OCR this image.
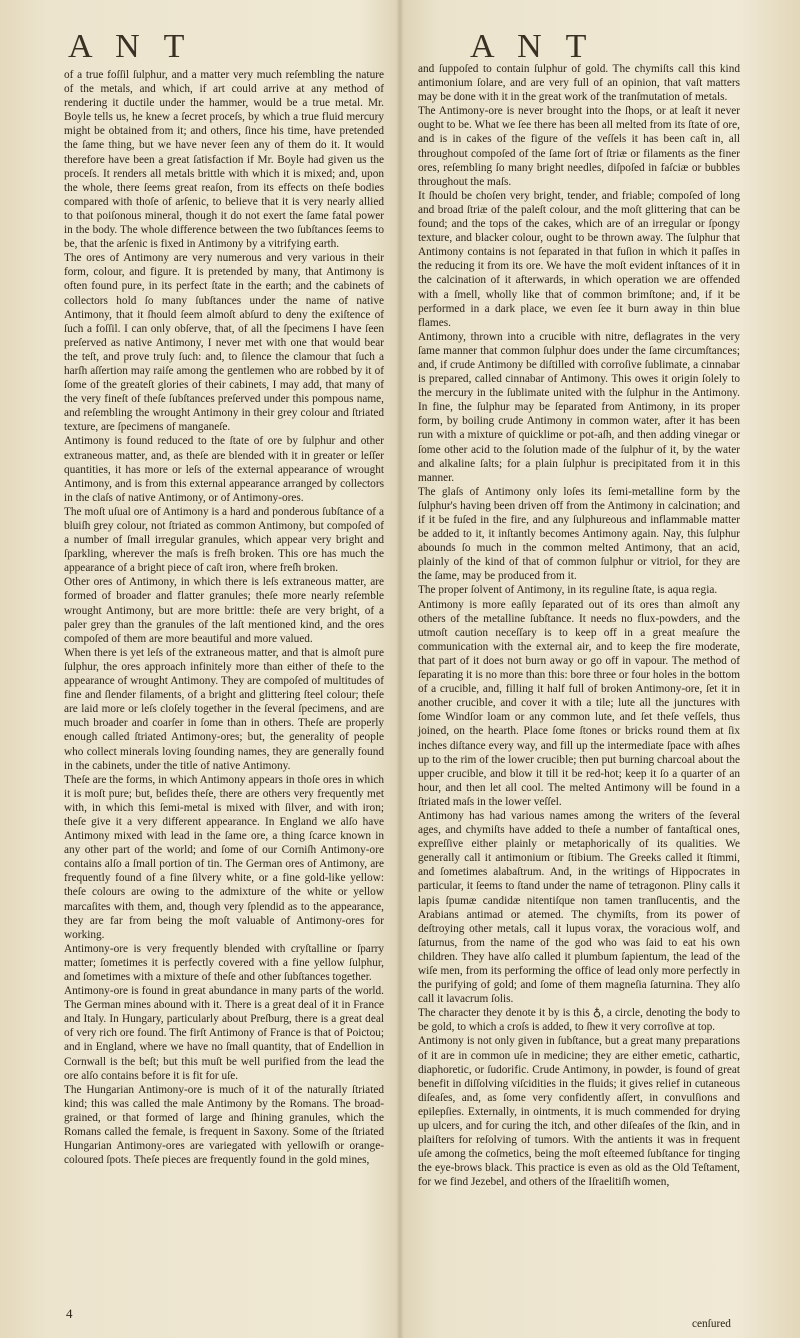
A N T	A N T

of a true foſſil ſulphur, and a matter very much reſembling the nature of the metals, and which, if art could arrive at any method of rendering it ductile under the hammer, would be a true metal. Mr. Boyle tells us, he knew a ſecret proceſs, by which a true fluid mercury might be obtained from it; and others, ſince his time, have pretended the ſame thing, but we have never ſeen any of them do it. It would therefore have been a great ſatisfaction if Mr. Boyle had given us the proceſs. It renders all metals brittle with which it is mixed; and, upon the whole, there ſeems great reaſon, from its effects on theſe bodies compared with thoſe of arſenic, to believe that it is very nearly allied to that poiſonous mineral, though it do not exert the ſame fatal power in the body. The whole difference between the two ſubſtances ſeems to be, that the arſenic is fixed in Antimony by a vitrifying earth.

The ores of Antimony are very numerous and very various in their form, colour, and figure. It is pretended by many, that Antimony is often found pure, in its perfect ſtate in the earth; and the cabinets of collectors hold ſo many ſubſtances under the name of native Antimony, that it ſhould ſeem almoſt abſurd to deny the exiſtence of ſuch a foſſil. I can only obſerve, that, of all the ſpecimens I have ſeen preſerved as native Antimony, I never met with one that would bear the teſt, and prove truly ſuch: and, to ſilence the clamour that ſuch a harſh aſſertion may raiſe among the gentlemen who are robbed by it of ſome of the greateſt glories of their cabinets, I may add, that many of the very fineſt of theſe ſubſtances preſerved under this pompous name, and reſembling the wrought Antimony in their grey colour and ſtriated texture, are ſpecimens of manganeſe.

Antimony is found reduced to the ſtate of ore by ſulphur and other extraneous matter, and, as theſe are blended with it in greater or leſſer quantities, it has more or leſs of the external appearance of wrought Antimony, and is from this external appearance arranged by collectors in the claſs of native Antimony, or of Antimony-ores.

The moſt uſual ore of Antimony is a hard and ponderous ſubſtance of a bluiſh grey colour, not ſtriated as common Antimony, but compoſed of a number of ſmall irregular granules, which appear very bright and ſparkling, wherever the maſs is freſh broken. This ore has much the appearance of a bright piece of caſt iron, where freſh broken.

Other ores of Antimony, in which there is leſs extraneous matter, are formed of broader and flatter granules; theſe more nearly reſemble wrought Antimony, but are more brittle: theſe are very bright, of a paler grey than the granules of the laſt mentioned kind, and the ores compoſed of them are more beautiful and more valued.

When there is yet leſs of the extraneous matter, and that is almoſt pure ſulphur, the ores approach infinitely more than either of theſe to the appearance of wrought Antimony. They are compoſed of multitudes of fine and ſlender filaments, of a bright and glittering ſteel colour; theſe are laid more or leſs cloſely together in the ſeveral ſpecimens, and are much broader and coarſer in ſome than in others. Theſe are properly enough called ſtriated Antimony-ores; but, the generality of people who collect minerals loving ſounding names, they are generally found in the cabinets, under the title of native Antimony.

Theſe are the forms, in which Antimony appears in thoſe ores in which it is moſt pure; but, beſides theſe, there are others very frequently met with, in which this ſemi-metal is mixed with ſilver, and with iron; theſe give it a very different appearance. In England we alſo have Antimony mixed with lead in the ſame ore, a thing ſcarce known in any other part of the world; and ſome of our Corniſh Antimony-ore contains alſo a ſmall portion of tin. The German ores of Antimony, are frequently found of a fine ſilvery white, or a fine gold-like yellow: theſe colours are owing to the admixture of the white or yellow marcaſites with them, and, though very ſplendid as to the appearance, they are far from being the moſt valuable of Antimony-ores for working.

Antimony-ore is very frequently blended with cryſtalline or ſparry matter; ſometimes it is perfectly covered with a fine yellow ſulphur, and ſometimes with a mixture of theſe and other ſubſtances together.

Antimony-ore is found in great abundance in many parts of the world. The German mines abound with it. There is a great deal of it in France and Italy. In Hungary, particularly about Preſburg, there is a great deal of very rich ore found. The firſt Antimony of France is that of Poictou; and in England, where we have no ſmall quantity, that of Endellion in Cornwall is the beſt; but this muſt be well purified from the lead the ore alſo contains before it is fit for uſe.

The Hungarian Antimony-ore is much of it of the naturally ſtriated kind; this was called the male Antimony by the Romans. The broad-grained, or that formed of large and ſhining granules, which the Romans called the female, is frequent in Saxony. Some of the ſtriated Hungarian Antimony-ores are variegated with yellowiſh or orange-coloured ſpots. Theſe pieces are frequently found in the gold mines,

and ſuppoſed to contain ſulphur of gold. The chymiſts call this kind antimonium ſolare, and are very full of an opinion, that vaſt matters may be done with it in the great work of the tranſmutation of metals.

The Antimony-ore is never brought into the ſhops, or at leaſt it never ought to be. What we ſee there has been all melted from its ſtate of ore, and is in cakes of the figure of the veſſels it has been caſt in, all throughout compoſed of the ſame ſort of ſtriæ or filaments as the finer ores, reſembling ſo many bright needles, diſpoſed in faſciæ or bubbles throughout the maſs.

It ſhould be choſen very bright, tender, and friable; compoſed of long and broad ſtriæ of the paleſt colour, and the moſt glittering that can be found; and the tops of the cakes, which are of an irregular or ſpongy texture, and blacker colour, ought to be thrown away. The ſulphur that Antimony contains is not ſeparated in that fuſion in which it paſſes in the reducing it from its ore. We have the moſt evident inſtances of it in the calcination of it afterwards, in which operation we are offended with a ſmell, wholly like that of common brimſtone; and, if it be performed in a dark place, we even ſee it burn away in thin blue flames.

Antimony, thrown into a crucible with nitre, deflagrates in the very ſame manner that common ſulphur does under the ſame circumſtances; and, if crude Antimony be diſtilled with corroſive ſublimate, a cinnabar is prepared, called cinnabar of Antimony. This owes it origin ſolely to the mercury in the ſublimate united with the ſulphur in the Antimony. In fine, the ſulphur may be ſeparated from Antimony, in its proper form, by boiling crude Antimony in common water, after it has been run with a mixture of quicklime or pot-aſh, and then adding vinegar or ſome other acid to the ſolution made of the ſulphur of it, by the water and alkaline ſalts; for a plain ſulphur is precipitated from it in this manner.

The glaſs of Antimony only loſes its ſemi-metalline form by the ſulphur's having been driven off from the Antimony in calcination; and if it be fuſed in the fire, and any ſulphureous and inflammable matter be added to it, it inſtantly becomes Antimony again. Nay, this ſulphur abounds ſo much in the common melted Antimony, that an acid, plainly of the kind of that of common ſulphur or vitriol, for they are the ſame, may be produced from it.

The proper ſolvent of Antimony, in its reguline ſtate, is aqua regia.

Antimony is more eaſily ſeparated out of its ores than almoſt any others of the metalline ſubſtance. It needs no flux-powders, and the utmoſt caution neceſſary is to keep off in a great meaſure the communication with the external air, and to keep the fire moderate, that part of it does not burn away or go off in vapour. The method of ſeparating it is no more than this: bore three or four holes in the bottom of a crucible, and, filling it half full of broken Antimony-ore, ſet it in another crucible, and cover it with a tile; lute all the junctures with ſome Windſor loam or any common lute, and ſet theſe veſſels, thus joined, on the hearth. Place ſome ſtones or bricks round them at ſix inches diſtance every way, and fill up the intermediate ſpace with aſhes up to the rim of the lower crucible; then put burning charcoal about the upper crucible, and blow it till it be red-hot; keep it ſo a quarter of an hour, and then let all cool. The melted Antimony will be found in a ſtriated maſs in the lower veſſel.

Antimony has had various names among the writers of the ſeveral ages, and chymiſts have added to theſe a number of fantaſtical ones, expreſſive either plainly or metaphorically of its qualities. We generally call it antimonium or ſtibium. The Greeks called it ſtimmi, and ſometimes alabaſtrum. And, in the writings of Hippocrates in particular, it ſeems to ſtand under the name of tetragonon. Pliny calls it lapis ſpumæ candidæ nitentiſque non tamen tranſlucentis, and the Arabians antimad or atemed. The chymiſts, from its power of deſtroying other metals, call it lupus vorax, the voracious wolf, and ſaturnus, from the name of the god who was ſaid to eat his own children. They have alſo called it plumbum ſapientum, the lead of the wiſe men, from its performing the office of lead only more perfectly in the purifying of gold; and ſome of them magneſia ſaturnina. They alſo call it lavacrum ſolis.

The character they denote it by is this ♁, a circle, denoting the body to be gold, to which a croſs is added, to ſhew it very corroſive at top.

Antimony is not only given in ſubſtance, but a great many preparations of it are in common uſe in medicine; they are either emetic, cathartic, diaphoretic, or ſudorific. Crude Antimony, in powder, is found of great benefit in diſſolving viſcidities in the fluids; it gives relief in cutaneous diſeaſes, and, as ſome very confidently aſſert, in convulſions and epilepſies. Externally, in ointments, it is much commended for drying up ulcers, and for curing the itch, and other diſeaſes of the ſkin, and in plaiſters for reſolving of tumors. With the antients it was in frequent uſe among the coſmetics, being the moſt eſteemed ſubſtance for tinging the eye-brows black. This practice is even as old as the Old Teſtament, for we find Jezebel, and others of the Iſraelitiſh women,

4
cenſured
